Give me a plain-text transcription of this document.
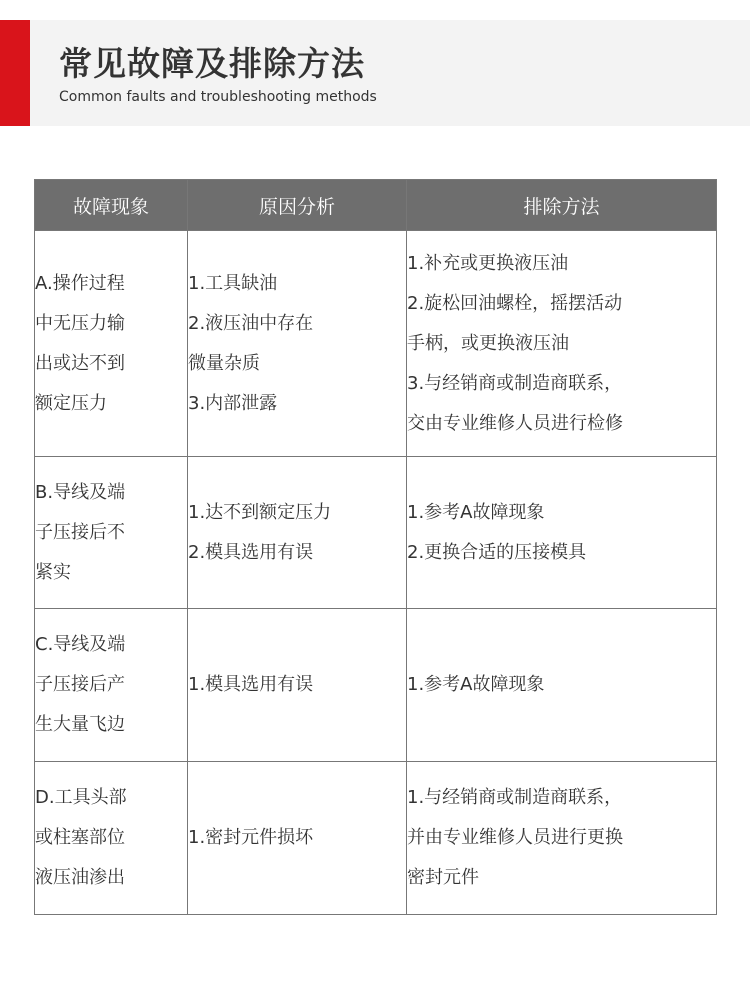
常见故障及排除方法
Common faults and troubleshooting methods
故障现象	原因分析	排除方法

A.操作过程
中无压力输
出或达不到
额定压力	1.工具缺油
2.液压油中存在
微量杂质
3.内部泄露	1.补充或更换液压油
2.旋松回油螺栓，摇摆活动
手柄，或更换液压油
3.与经销商或制造商联系，
交由专业维修人员进行检修

B.导线及端
子压接后不
紧实	1.达不到额定压力
2.模具选用有误	1.参考A故障现象
2.更换合适的压接模具

C.导线及端
子压接后产
生大量飞边	1.模具选用有误	1.参考A故障现象

D.工具头部
或柱塞部位
液压油渗出	1.密封元件损坏	1.与经销商或制造商联系，
并由专业维修人员进行更换
密封元件
